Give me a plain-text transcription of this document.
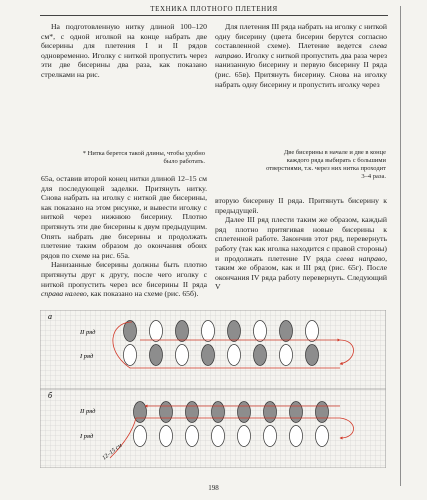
ТЕХНИКА ПЛОТНОГО ПЛЕТЕНИЯ

На подготовленную нитку длиной 100–120 см*, с одной иголкой на конце набрать две бисерины для плетения I и II рядов одновременно. Иголку с ниткой пропустить через эти две бисерины два раза, как показано стрелками на рис.

* Нитка берется такой длины, чтобы удобно было работать.

65а, оставив второй конец нитки длиной 12–15 см для последующей заделки. Притянуть нитку. Снова набрать на иголку с ниткой две бисерины, как показано на этом рисунке, и вывести иголку с ниткой через нижнюю бисерину. Плотно притянуть эти две бисерины к двум предыдущим. Опять набрать две бисерины и продолжать плетение таким образом до окончания обоих рядов по схеме на рис. 65а.

Нанизанные бисерины должны быть плотно притянуты друг к другу, после чего иголку с ниткой пропустить через все бисерины II ряда справа налево, как показано на схеме (рис. 65б).

Для плетения III ряда набрать на иголку с ниткой одну бисерину (цвета бисерин берутся согласно составленной схеме). Плетение ведется слева направо. Иголку с ниткой пропустить два раза через нанизанную бисерину и первую бисерину II ряда (рис. 65в). Притянуть бисерину. Снова на иголку набрать одну бисерину и пропустить иголку через

Две бисерины в начале и две в конце каждого ряда выбирать с большими отверстиями, т.к. через них нитка проходит 3–4 раза.

вторую бисерину II ряда. Притянуть бисерину к предыдущей.

Далее III ряд плести таким же образом, каждый ряд плотно притягивая новые бисерины к сплетенной работе. Закончив этот ряд, перевернуть работу (так как иголка находится с правой стороны) и продолжать плетение IV ряда слева направо, таким же образом, как и III ряд (рис. 65г). После окончания IV ряда работу перевернуть. Следующий V

а
б
II ряд
I ряд
II ряд
I ряд
12–15 см
198
